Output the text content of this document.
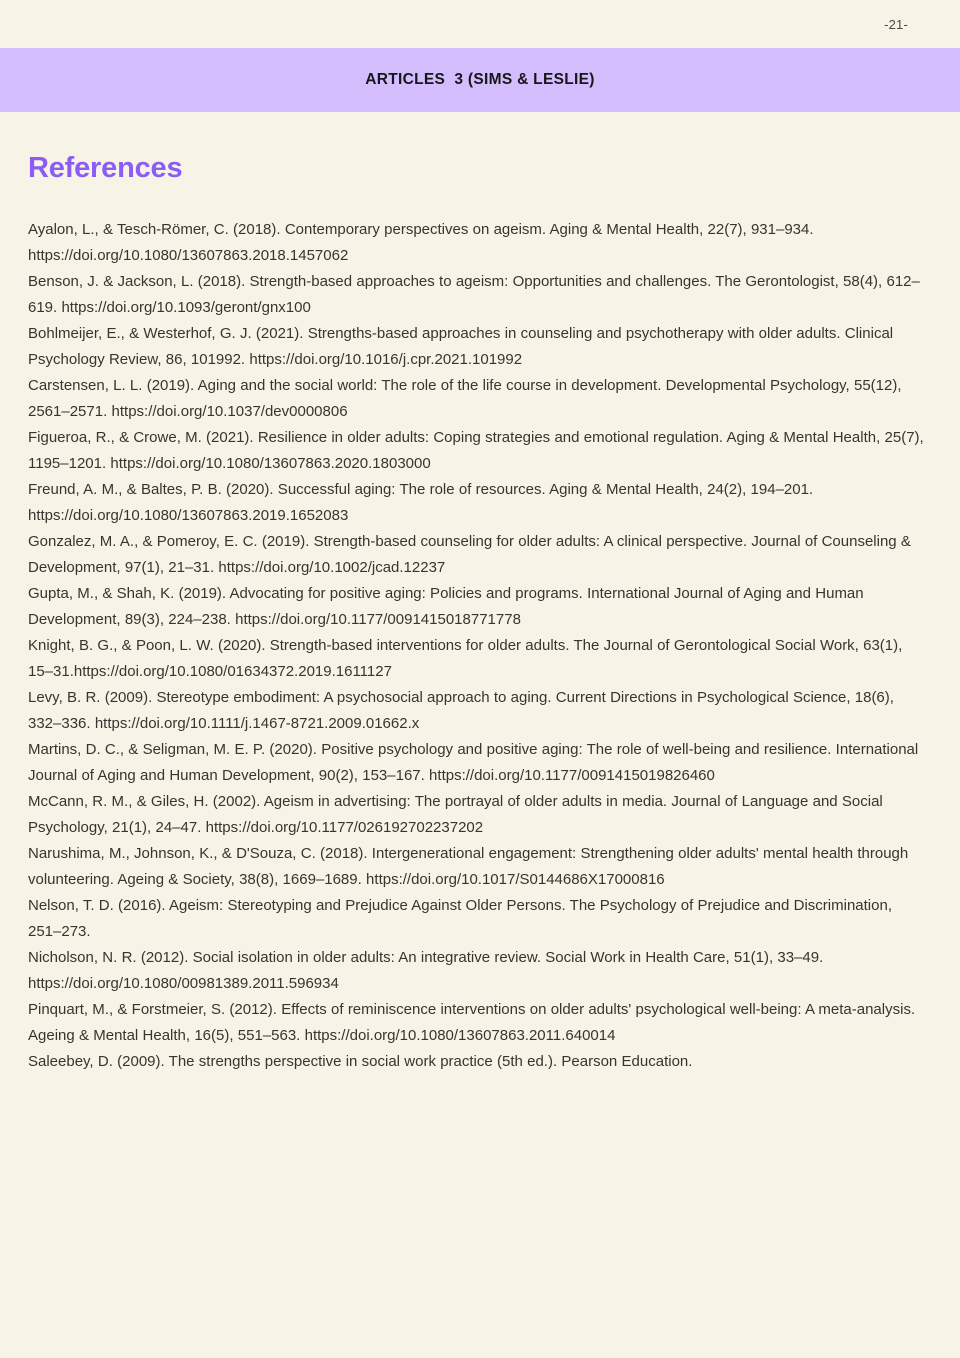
-21-
ARTICLES  3 (SIMS & LESLIE)
References
Ayalon, L., & Tesch-Römer, C. (2018). Contemporary perspectives on ageism. Aging & Mental Health, 22(7), 931–934. https://doi.org/10.1080/13607863.2018.1457062
Benson, J. & Jackson, L. (2018). Strength-based approaches to ageism: Opportunities and challenges. The Gerontologist, 58(4), 612–619. https://doi.org/10.1093/geront/gnx100
Bohlmeijer, E., & Westerhof, G. J. (2021). Strengths-based approaches in counseling and psychotherapy with older adults. Clinical Psychology Review, 86, 101992. https://doi.org/10.1016/j.cpr.2021.101992
Carstensen, L. L. (2019). Aging and the social world: The role of the life course in development. Developmental Psychology, 55(12), 2561–2571. https://doi.org/10.1037/dev0000806
Figueroa, R., & Crowe, M. (2021). Resilience in older adults: Coping strategies and emotional regulation. Aging & Mental Health, 25(7), 1195–1201. https://doi.org/10.1080/13607863.2020.1803000
Freund, A. M., & Baltes, P. B. (2020). Successful aging: The role of resources. Aging & Mental Health, 24(2), 194–201. https://doi.org/10.1080/13607863.2019.1652083
Gonzalez, M. A., & Pomeroy, E. C. (2019). Strength-based counseling for older adults: A clinical perspective. Journal of Counseling & Development, 97(1), 21–31. https://doi.org/10.1002/jcad.12237
Gupta, M., & Shah, K. (2019). Advocating for positive aging: Policies and programs. International Journal of Aging and Human Development, 89(3), 224–238. https://doi.org/10.1177/0091415018771778
Knight, B. G., & Poon, L. W. (2020). Strength-based interventions for older adults. The Journal of Gerontological Social Work, 63(1), 15–31.https://doi.org/10.1080/01634372.2019.1611127
Levy, B. R. (2009). Stereotype embodiment: A psychosocial approach to aging. Current Directions in Psychological Science, 18(6), 332–336. https://doi.org/10.1111/j.1467-8721.2009.01662.x
Martins, D. C., & Seligman, M. E. P. (2020). Positive psychology and positive aging: The role of well-being and resilience. International Journal of Aging and Human Development, 90(2), 153–167. https://doi.org/10.1177/0091415019826460
McCann, R. M., & Giles, H. (2002). Ageism in advertising: The portrayal of older adults in media. Journal of Language and Social Psychology, 21(1), 24–47. https://doi.org/10.1177/026192702237202
Narushima, M., Johnson, K., & D'Souza, C. (2018). Intergenerational engagement: Strengthening older adults' mental health through volunteering. Ageing & Society, 38(8), 1669–1689. https://doi.org/10.1017/S0144686X17000816
Nelson, T. D. (2016). Ageism: Stereotyping and Prejudice Against Older Persons. The Psychology of Prejudice and Discrimination, 251–273.
Nicholson, N. R. (2012). Social isolation in older adults: An integrative review. Social Work in Health Care, 51(1), 33–49. https://doi.org/10.1080/00981389.2011.596934
Pinquart, M., & Forstmeier, S. (2012). Effects of reminiscence interventions on older adults' psychological well-being: A meta-analysis. Ageing & Mental Health, 16(5), 551–563. https://doi.org/10.1080/13607863.2011.640014
Saleebey, D. (2009). The strengths perspective in social work practice (5th ed.). Pearson Education.
